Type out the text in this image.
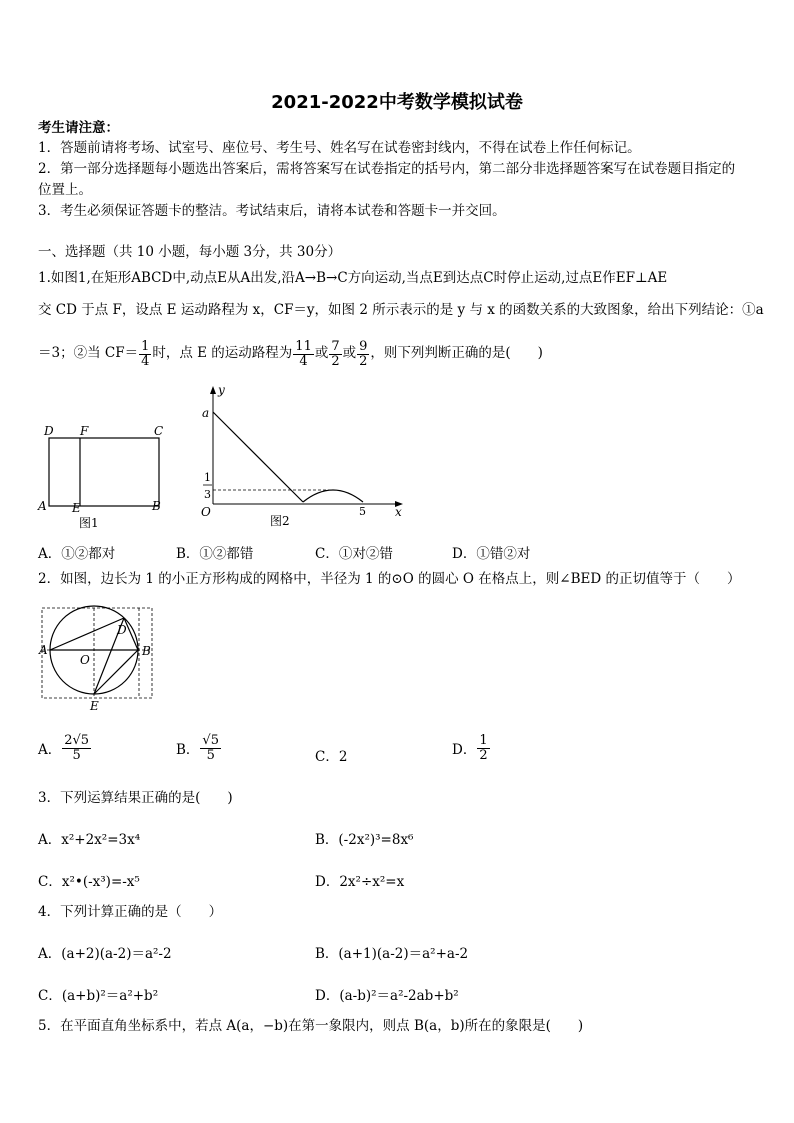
2021-2022中考数学模拟试卷
考生请注意：
1．答题前请将考场、试室号、座位号、考生号、姓名写在试卷密封线内，不得在试卷上作任何标记。
2．第一部分选择题每小题选出答案后，需将答案写在试卷指定的括号内，第二部分非选择题答案写在试卷题目指定的
位置上。
3．考生必须保证答题卡的整洁。考试结束后，请将本试卷和答题卡一并交回。
一、选择题（共 10 小题，每小题 3分，共 30分）
1.如图1,在矩形ABCD中,动点E从A出发,沿A→B→C方向运动,当点E到达点C时停止运动,过点E作EF⊥AE
交 CD 于点 F，设点 E 运动路程为 x，CF＝y，如图 2 所示表示的是 y 与 x 的函数关系的大致图象，给出下列结论：①a
＝3；②当 $CF= \frac{1}{4}$ 时，点 E 的运动路程为 $\frac{11}{4}$ 或 $\frac{7}{2}$ 或 $\frac{9}{2}$ ，则下列判断正确的是(　　)
D F	C
A E	B
图1
y
a
1
3
O	5 x
图2
A．①②都对	B．①②都错	C．①对②错	D．①错②对
2．如图，边长为 1 的小正方形构成的网格中，半径为 1 的⊙O 的圆心 O 在格点上，则∠BED 的正切值等于（　　）
A	B
O
D
E
A． $\frac{2√5}{5}$	B． $\frac{√5}{5}$	C．2	D． $\frac{1}{2}$
3．下列运算结果正确的是(　　)
A．x²+2x²=3x⁴	B．(-2x²)³=8x⁶
C．x²•(-x³)=-x⁵	D．2x²÷x²=x
4．下列计算正确的是（　　）
A．(a+2)(a-2)＝a²-2	B．(a+1)(a-2)＝a²+a-2
C．(a+b)²＝a²+b²	D．(a-b)²＝a²-2ab+b²
5．在平面直角坐标系中，若点 A(a，−b)在第一象限内，则点 B(a，b)所在的象限是(　　)
